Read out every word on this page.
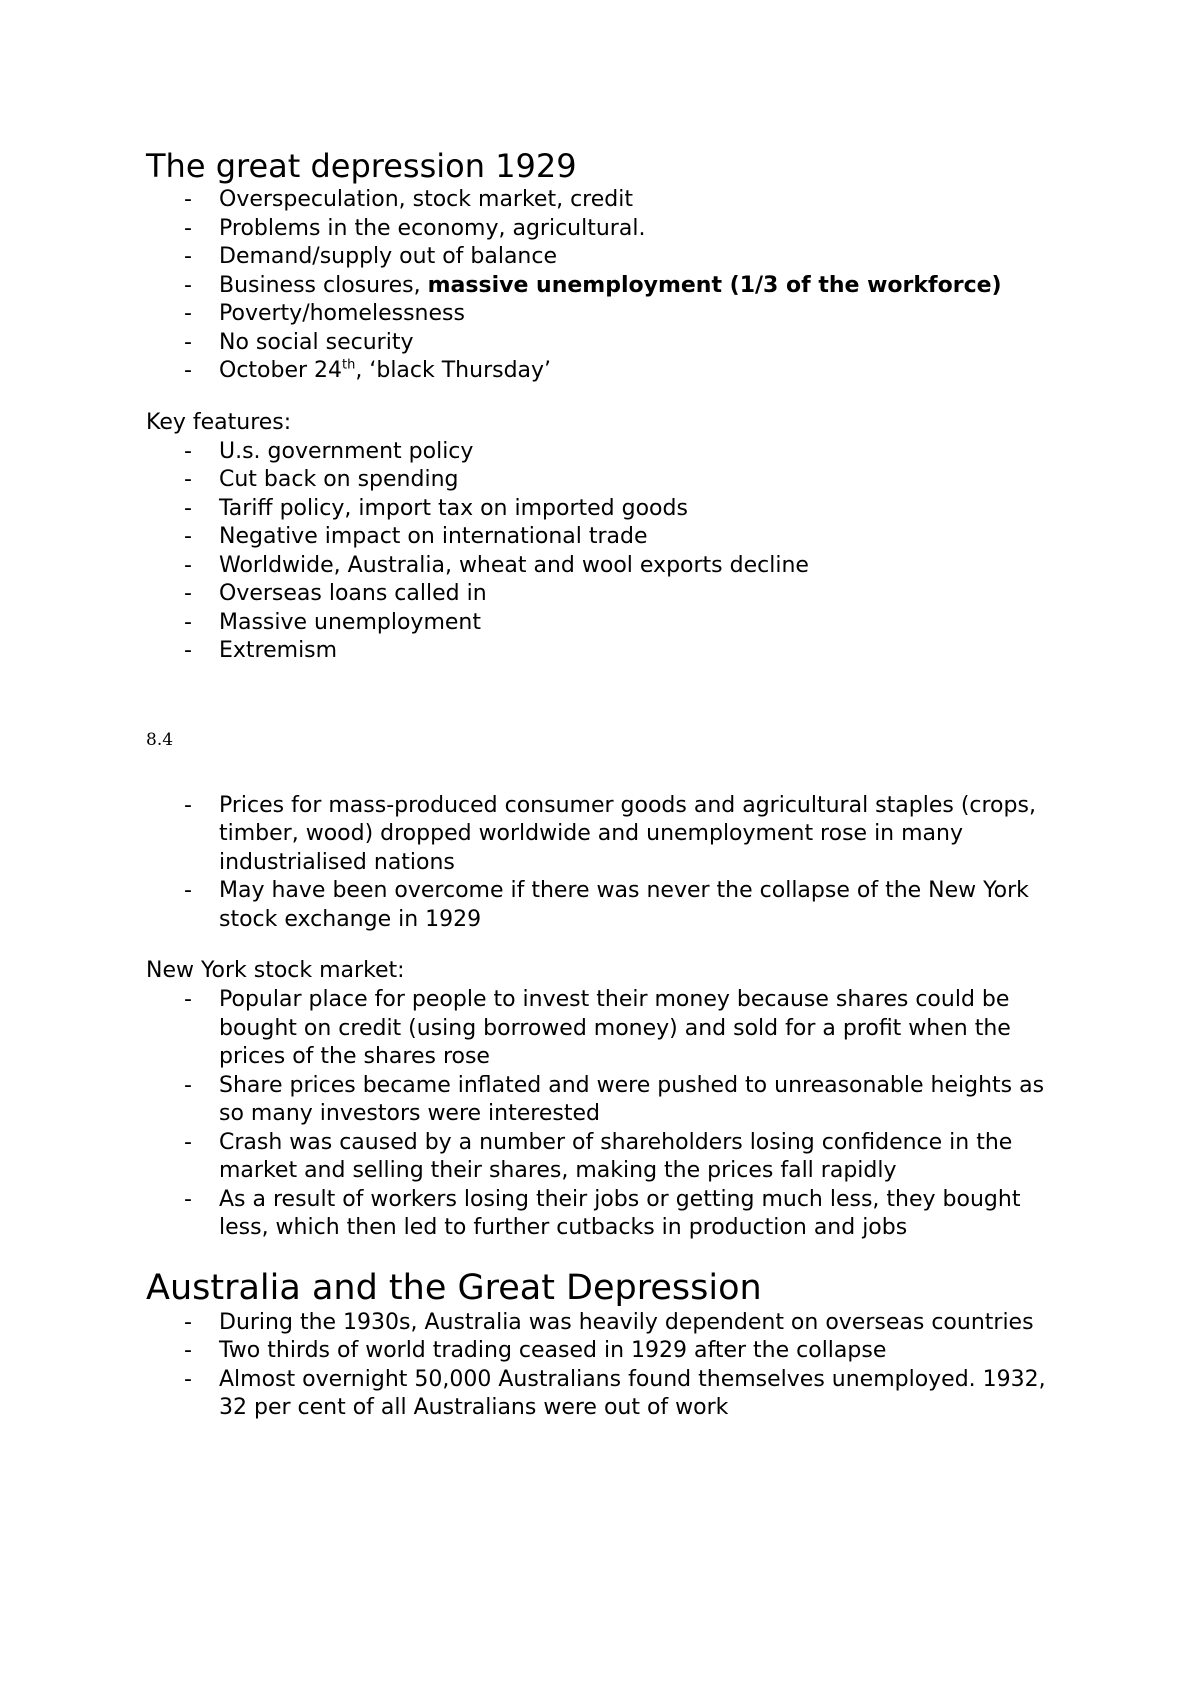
The great depression 1929
- Overspeculation, stock market, credit
- Problems in the economy, agricultural.
- Demand/supply out of balance
- Business closures, massive unemployment (1/3 of the workforce)
- Poverty/homelessness
- No social security
- October 24th, ‘black Thursday’

Key features:

- U.s. government policy
- Cut back on spending
- Tariff policy, import tax on imported goods
- Negative impact on international trade
- Worldwide, Australia, wheat and wool exports decline
- Overseas loans called in
- Massive unemployment
- Extremism
8.4
- Prices for mass-produced consumer goods and agricultural staples (crops, timber, wood) dropped worldwide and unemployment rose in many industrialised nations
- May have been overcome if there was never the collapse of the New York stock exchange in 1929

New York stock market:

- Popular place for people to invest their money because shares could be bought on credit (using borrowed money) and sold for a profit when the prices of the shares rose
- Share prices became inflated and were pushed to unreasonable heights as so many investors were interested
- Crash was caused by a number of shareholders losing confidence in the market and selling their shares, making the prices fall rapidly
- As a result of workers losing their jobs or getting much less, they bought less, which then led to further cutbacks in production and jobs
Australia and the Great Depression
- During the 1930s, Australia was heavily dependent on overseas countries
- Two thirds of world trading ceased in 1929 after the collapse
- Almost overnight 50,000 Australians found themselves unemployed. 1932, 32 per cent of all Australians were out of work
